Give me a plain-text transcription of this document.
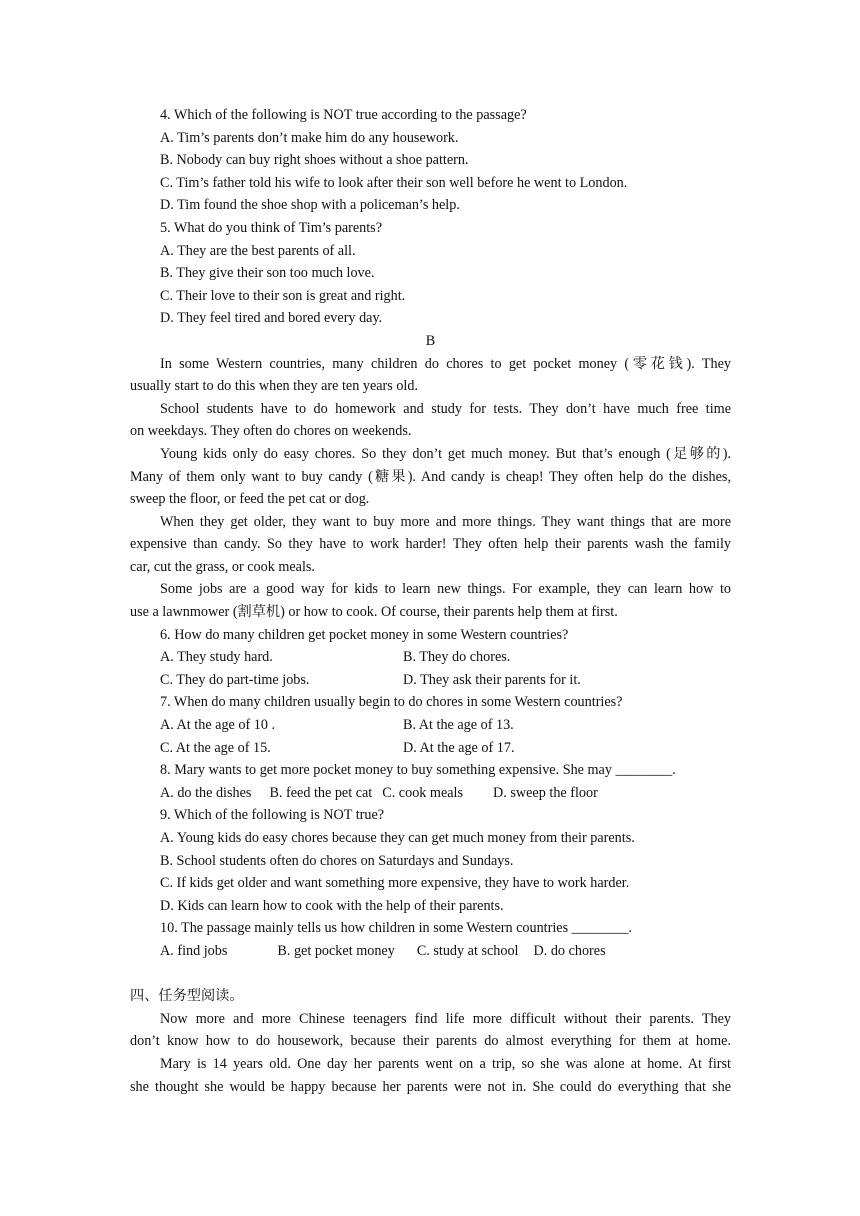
4. Which of the following is NOT true according to the passage?
A. Tim’s parents don’t make him do any housework.
B. Nobody can buy right shoes without a shoe pattern.
C. Tim’s father told his wife to look after their son well before he went to London.
D. Tim found the shoe shop with a policeman’s help.
5. What do you think of Tim’s parents?
A. They are the best parents of all.
B. They give their son too much love.
C. Their love to their son is great and right.
D. They feel tired and bored every day.
B
In some Western countries, many children do chores to get pocket money (零花钱). They
usually start to do this when they are ten years old.
School students have to do homework and study for tests. They don’t have much free time
on weekdays. They often do chores on weekends.
Young kids only do easy chores. So they don’t get much money. But that’s enough (足够的).
Many of them only want to buy candy (糖果). And candy is cheap! They often help do the dishes,
sweep the floor, or feed the pet cat or dog.
When they get older, they want to buy more and more things. They want things that are more
expensive than candy. So they have to work harder! They often help their parents wash the family
car, cut the grass, or cook meals.
Some jobs are a good way for kids to learn new things. For example, they can learn how to
use a lawnmower (割草机) or how to cook. Of course, their parents help them at first.
6. How do many children get pocket money in some Western countries?
A. They study hard.	B. They do chores.
C. They do part-time jobs.	D. They ask their parents for it.
7. When do many children usually begin to do chores in some Western countries?
A. At the age of 10 .	B. At the age of 13.
C. At the age of 15.	D. At the age of 17.
8. Mary wants to get more pocket money to buy something expensive. She may ________.
A. do the dishes B. feed the pet cat C. cook meals D. sweep the floor
9. Which of the following is NOT true?
A. Young kids do easy chores because they can get much money from their parents.
B. School students often do chores on Saturdays and Sundays.
C. If kids get older and want something more expensive, they have to work harder.
D. Kids can learn how to cook with the help of their parents.
10. The passage mainly tells us how children in some Western countries ________.
A. find jobs	B. get pocket money C. study at school D. do chores
四、任务型阅读。
Now more and more Chinese teenagers find life more difficult without their parents. They
don’t know how to do housework, because their parents do almost everything for them at home.
Mary is 14 years old. One day her parents went on a trip, so she was alone at home. At first
she thought she would be happy because her parents were not in. She could do everything that she
